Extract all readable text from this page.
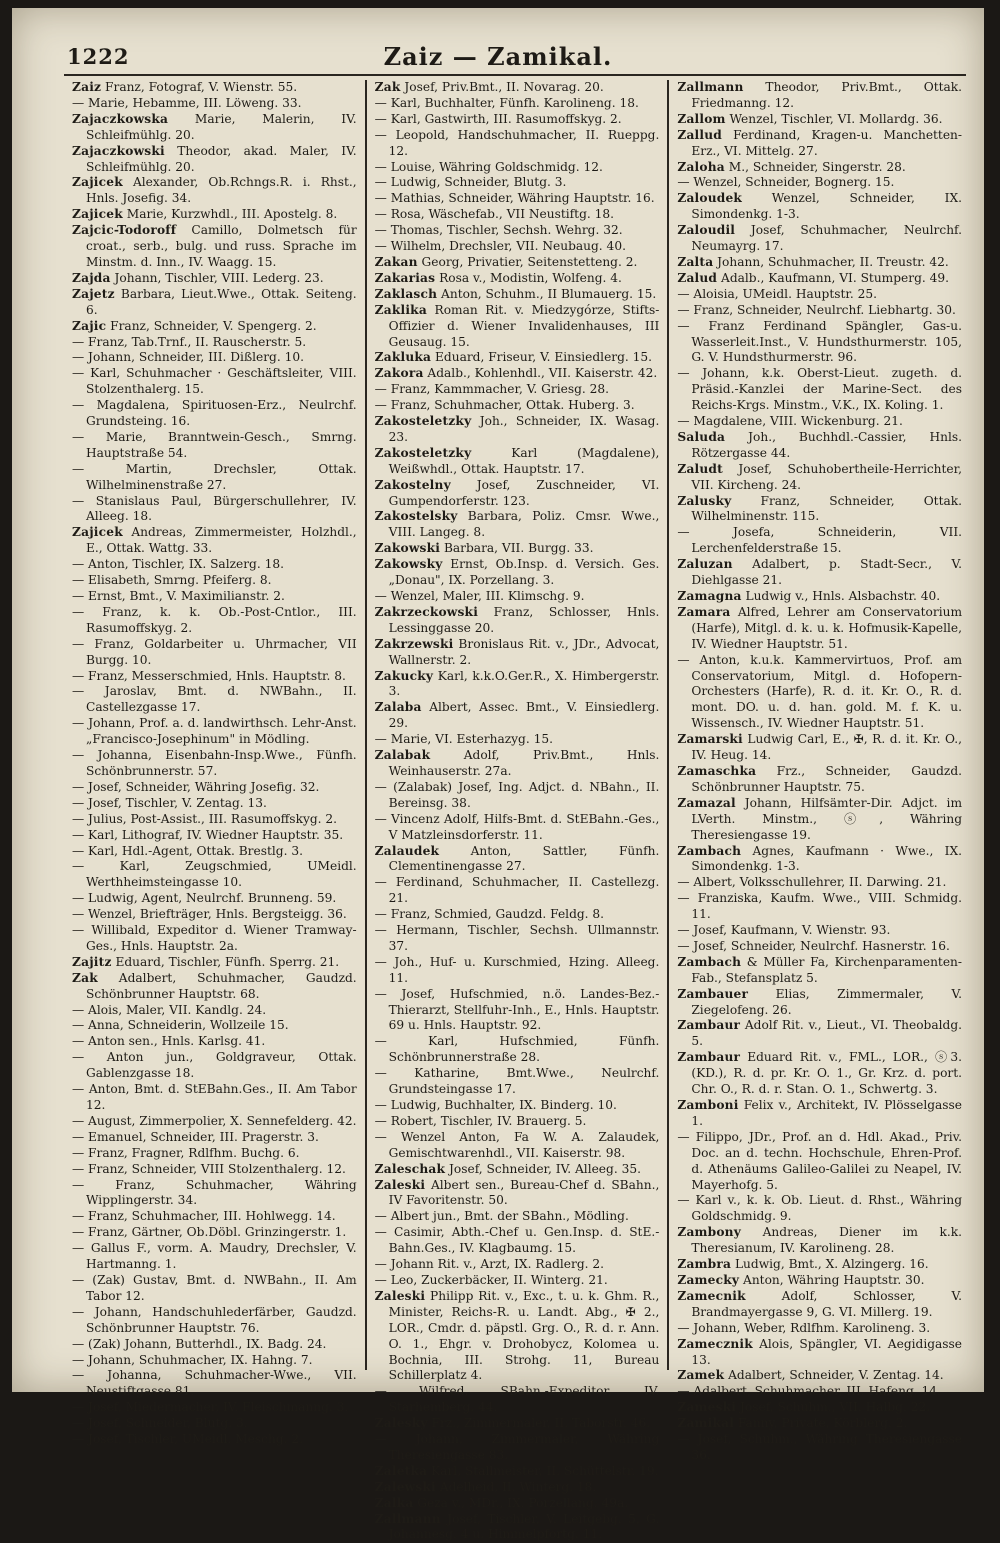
1222	Zaiz — Zamikal.

Zaiz Franz, Fotograf, V. Wienstr. 55.

— Marie, Hebamme, III. Löweng. 33.

Zajaczkowska Marie, Malerin, IV. Schleifmühlg. 20.

Zajaczkowski Theodor, akad. Maler, IV. Schleifmühlg. 20.

Zajicek Alexander, Ob.Rchngs.R. i. Rhst., Hnls. Josefig. 34.

Zajicek Marie, Kurzwhdl., III. Apostelg. 8.

Zajcic-Todoroff Camillo, Dolmetsch für croat., serb., bulg. und russ. Sprache im Minstm. d. Inn., IV. Waagg. 15.

Zajda Johann, Tischler, VIII. Lederg. 23.

Zajetz Barbara, Lieut.Wwe., Ottak. Seiteng. 6.

Zajic Franz, Schneider, V. Spengerg. 2.

— Franz, Tab.Trnf., II. Rauscherstr. 5.

— Johann, Schneider, III. Dißlerg. 10.

— Karl, Schuhmacher · Geschäftsleiter, VIII. Stolzenthalerg. 15.

— Magdalena, Spirituosen-Erz., Neulrchf. Grundsteing. 16.

— Marie, Branntwein-Gesch., Smrng. Hauptstraße 54.

— Martin, Drechsler, Ottak. Wilhelminenstraße 27.

— Stanislaus Paul, Bürgerschullehrer, IV. Alleeg. 18.

Zajicek Andreas, Zimmermeister, Holzhdl., E., Ottak. Wattg. 33.

— Anton, Tischler, IX. Salzerg. 18.

— Elisabeth, Smrng. Pfeiferg. 8.

— Ernst, Bmt., V. Maximilianstr. 2.

— Franz, k. k. Ob.-Post-Cntlor., III. Rasumoffskyg. 2.

— Franz, Goldarbeiter u. Uhrmacher, VII Burgg. 10.

— Franz, Messerschmied, Hnls. Hauptstr. 8.

— Jaroslav, Bmt. d. NWBahn., II. Castellezgasse 17.

— Johann, Prof. a. d. landwirthsch. Lehr-Anst. „Francisco-Josephinum" in Mödling.

— Johanna, Eisenbahn-Insp.Wwe., Fünfh. Schönbrunnerstr. 57.

— Josef, Schneider, Währing Josefig. 32.

— Josef, Tischler, V. Zentag. 13.

— Julius, Post-Assist., III. Rasumoffskyg. 2.

— Karl, Lithograf, IV. Wiedner Hauptstr. 35.

— Karl, Hdl.-Agent, Ottak. Brestlg. 3.

— Karl, Zeugschmied, UMeidl. Werthheimsteingasse 10.

— Ludwig, Agent, Neulrchf. Brunneng. 59.

— Wenzel, Briefträger, Hnls. Bergsteigg. 36.

— Willibald, Expeditor d. Wiener Tramway-Ges., Hnls. Hauptstr. 2a.

Zajitz Eduard, Tischler, Fünfh. Sperrg. 21.

Zak Adalbert, Schuhmacher, Gaudzd. Schönbrunner Hauptstr. 68.

— Alois, Maler, VII. Kandlg. 24.

— Anna, Schneiderin, Wollzeile 15.

— Anton sen., Hnls. Karlsg. 41.

— Anton jun., Goldgraveur, Ottak. Gablenzgasse 18.

— Anton, Bmt. d. StEBahn.Ges., II. Am Tabor 12.

— August, Zimmerpolier, X. Sennefelderg. 42.

— Emanuel, Schneider, III. Pragerstr. 3.

— Franz, Fragner, Rdlfhm. Buchg. 6.

— Franz, Schneider, VIII Stolzenthalerg. 12.

— Franz, Schuhmacher, Währing Wipplingerstr. 34.

— Franz, Schuhmacher, III. Hohlwegg. 14.

— Franz, Gärtner, Ob.Döbl. Grinzingerstr. 1.

— Gallus F., vorm. A. Maudry, Drechsler, V. Hartmanng. 1.

— (Zak) Gustav, Bmt. d. NWBahn., II. Am Tabor 12.

— Johann, Handschuhlederfärber, Gaudzd. Schönbrunner Hauptstr. 76.

— (Zak) Johann, Butterhdl., IX. Badg. 24.

— Johann, Schuhmacher, IX. Hahng. 7.

— Johanna, Schuhmacher-Wwe., VII. Neustiftgasse 81.

— Josef, Miedermacher, IV. Fleischmanng. 3.

— Josef, Schneider, Blutg. 3.

— Josef, Tischler, UMeidl. Meschg. 2.

Zak Josef, Priv.Bmt., II. Novarag. 20.

— Karl, Buchhalter, Fünfh. Karolineng. 18.

— Karl, Gastwirth, III. Rasumoffskyg. 2.

— Leopold, Handschuhmacher, II. Rueppg. 12.

— Louise, Währing Goldschmidg. 12.

— Ludwig, Schneider, Blutg. 3.

— Mathias, Schneider, Währing Hauptstr. 16.

— Rosa, Wäschefab., VII Neustiftg. 18.

— Thomas, Tischler, Sechsh. Wehrg. 32.

— Wilhelm, Drechsler, VII. Neubaug. 40.

Zakan Georg, Privatier, Seitenstetteng. 2.

Zakarias Rosa v., Modistin, Wolfeng. 4.

Zaklasch Anton, Schuhm., II Blumauerg. 15.

Zaklika Roman Rit. v. Miedzygórze, Stifts-Offizier d. Wiener Invalidenhauses, III Geusaug. 15.

Zakluka Eduard, Friseur, V. Einsiedlerg. 15.

Zakora Adalb., Kohlenhdl., VII. Kaiserstr. 42.

— Franz, Kammmacher, V. Griesg. 28.

— Franz, Schuhmacher, Ottak. Huberg. 3.

Zakosteletzky Joh., Schneider, IX. Wasag. 23.

Zakosteletzky Karl (Magdalene), Weißwhdl., Ottak. Hauptstr. 17.

Zakostelny Josef, Zuschneider, VI. Gumpendorferstr. 123.

Zakostelsky Barbara, Poliz. Cmsr. Wwe., VIII. Langeg. 8.

Zakowski Barbara, VII. Burgg. 33.

Zakowsky Ernst, Ob.Insp. d. Versich. Ges. „Donau", IX. Porzellang. 3.

— Wenzel, Maler, III. Klimschg. 9.

Zakrzeckowski Franz, Schlosser, Hnls. Lessinggasse 20.

Zakrzewski Bronislaus Rit. v., JDr., Advocat, Wallnerstr. 2.

Zakucky Karl, k.k.O.Ger.R., X. Himbergerstr. 3.

Zalaba Albert, Assec. Bmt., V. Einsiedlerg. 29.

— Marie, VI. Esterhazyg. 15.

Zalabak Adolf, Priv.Bmt., Hnls. Weinhauserstr. 27a.

— (Zalabak) Josef, Ing. Adjct. d. NBahn., II. Bereinsg. 38.

— Vincenz Adolf, Hilfs-Bmt. d. StEBahn.-Ges., V Matzleinsdorferstr. 11.

Zalaudek Anton, Sattler, Fünfh. Clementinengasse 27.

— Ferdinand, Schuhmacher, II. Castellezg. 21.

— Franz, Schmied, Gaudzd. Feldg. 8.

— Hermann, Tischler, Sechsh. Ullmannstr. 37.

— Joh., Huf- u. Kurschmied, Hzing. Alleeg. 11.

— Josef, Hufschmied, n.ö. Landes-Bez.-Thierarzt, Stellfuhr-Inh., E., Hnls. Hauptstr. 69 u. Hnls. Hauptstr. 92.

— Karl, Hufschmied, Fünfh. Schönbrunnerstraße 28.

— Katharine, Bmt.Wwe., Neulrchf. Grundsteingasse 17.

— Ludwig, Buchhalter, IX. Binderg. 10.

— Robert, Tischler, IV. Brauerg. 5.

— Wenzel Anton, Fa W. A. Zalaudek, Gemischtwarenhdl., VII. Kaiserstr. 98.

Zaleschak Josef, Schneider, IV. Alleeg. 35.

Zaleski Albert sen., Bureau-Chef d. SBahn., IV Favoritenstr. 50.

— Albert jun., Bmt. der SBahn., Mödling.

— Casimir, Abth.-Chef u. Gen.Insp. d. StE.-Bahn.Ges., IV. Klagbaumg. 15.

— Johann Rit. v., Arzt, IX. Radlerg. 2.

— Leo, Zuckerbäcker, II. Winterg. 21.

Zaleski Philipp Rit. v., Exc., t. u. k. Ghm. R., Minister, Reichs-R. u. Landt. Abg., ✠ 2., LOR., Cmdr. d. päpstl. Grg. O., R. d. r. Ann. O. 1., Ehgr. v. Drohobycz, Kolomea u. Bochnia, III. Strohg. 11, Bureau Schillerplatz 4.

— Wilfred, SBahn.-Expeditor, IV. Starhemberg. 44.

Zalesky Frz., Zimmermaler, II. Taborstr. 46.

— Johann, Zimmermaler, Währing Theresiengasse 83.

Zaletka Karl, Stallmeister, II. Schüttelstr. 19.

Zalewski Adelheid, II. Winterg. 18.

Zalka Geza v., MDr., IX. Porzellang. 49a.

Zallmann Josef, Tischler, V. Leitgebg. 5, G. Johannesg. 4 u. Himmelpfortg. 11.

Zallmann Theodor, Priv.Bmt., Ottak. Friedmanng. 12.

Zallom Wenzel, Tischler, VI. Mollardg. 36.

Zallud Ferdinand, Kragen-u. Manchetten-Erz., VI. Mittelg. 27.

Zaloha M., Schneider, Singerstr. 28.

— Wenzel, Schneider, Bognerg. 15.

Zaloudek Wenzel, Schneider, IX. Simondenkg. 1-3.

Zaloudil Josef, Schuhmacher, Neulrchf. Neumayrg. 17.

Zalta Johann, Schuhmacher, II. Treustr. 42.

Zalud Adalb., Kaufmann, VI. Stumperg. 49.

— Aloisia, UMeidl. Hauptstr. 25.

— Franz, Schneider, Neulrchf. Liebhartg. 30.

— Franz Ferdinand Spängler, Gas-u. Wasserleit.Inst., V. Hundsthurmerstr. 105, G. V. Hundsthurmerstr. 96.

— Johann, k.k. Oberst-Lieut. zugeth. d. Präsid.-Kanzlei der Marine-Sect. des Reichs-Krgs. Minstm., V.K., IX. Koling. 1.

— Magdalene, VIII. Wickenburg. 21.

Saluda Joh., Buchhdl.-Cassier, Hnls. Rötzergasse 44.

Zaludt Josef, Schuhobertheile-Herrichter, VII. Kircheng. 24.

Zalusky Franz, Schneider, Ottak. Wilhelminenstr. 115.

— Josefa, Schneiderin, VII. Lerchenfelderstraße 15.

Zaluzan Adalbert, p. Stadt-Secr., V. Diehlgasse 21.

Zamagna Ludwig v., Hnls. Alsbachstr. 40.

Zamara Alfred, Lehrer am Conservatorium (Harfe), Mitgl. d. k. u. k. Hofmusik-Kapelle, IV. Wiedner Hauptstr. 51.

— Anton, k.u.k. Kammervirtuos, Prof. am Conservatorium, Mitgl. d. Hofopern-Orchesters (Harfe), R. d. it. Kr. O., R. d. mont. DO. u. d. han. gold. M. f. K. u. Wissensch., IV. Wiedner Hauptstr. 51.

Zamarski Ludwig Carl, E., ✠, R. d. it. Kr. O., IV. Heug. 14.

Zamaschka Frz., Schneider, Gaudzd. Schönbrunner Hauptstr. 75.

Zamazal Johann, Hilfsämter-Dir. Adjct. im LVerth. Minstm., ⓢ, Währing Theresiengasse 19.

Zambach Agnes, Kaufmann · Wwe., IX. Simondenkg. 1-3.

— Albert, Volksschullehrer, II. Darwing. 21.

— Franziska, Kaufm. Wwe., VIII. Schmidg. 11.

— Josef, Kaufmann, V. Wienstr. 93.

— Josef, Schneider, Neulrchf. Hasnerstr. 16.

Zambach & Müller Fa, Kirchenparamenten-Fab., Stefansplatz 5.

Zambauer Elias, Zimmermaler, V. Ziegelofeng. 26.

Zambaur Adolf Rit. v., Lieut., VI. Theobaldg. 5.

Zambaur Eduard Rit. v., FML., LOR., ⓢ3. (KD.), R. d. pr. Kr. O. 1., Gr. Krz. d. port. Chr. O., R. d. r. Stan. O. 1., Schwertg. 3.

Zamboni Felix v., Architekt, IV. Plösselgasse 1.

— Filippo, JDr., Prof. an d. Hdl. Akad., Priv. Doc. an d. techn. Hochschule, Ehren-Prof. d. Athenäums Galileo-Galilei zu Neapel, IV. Mayerhofg. 5.

— Karl v., k. k. Ob. Lieut. d. Rhst., Währing Goldschmidg. 9.

Zambony Andreas, Diener im k.k. Theresianum, IV. Karolineng. 28.

Zambra Ludwig, Bmt., X. Alzingerg. 16.

Zamecky Anton, Währing Hauptstr. 30.

Zamecnik Adolf, Schlosser, V. Brandmayergasse 9, G. VI. Millerg. 19.

— Johann, Weber, Rdlfhm. Karolineng. 3.

Zamecznik Alois, Spängler, VI. Aegidigasse 13.

Zamek Adalbert, Schneider, V. Zentag. 14.

— Adalbert, Schuhmacher, III. Hafeng. 14.

Zameski Josef, Schuhm., VII. Halbg. 22.

Zamikal Fanny, Private, Körblerg. 2.

— Josef, Schuhm., Währing Theresiengasse 36.
